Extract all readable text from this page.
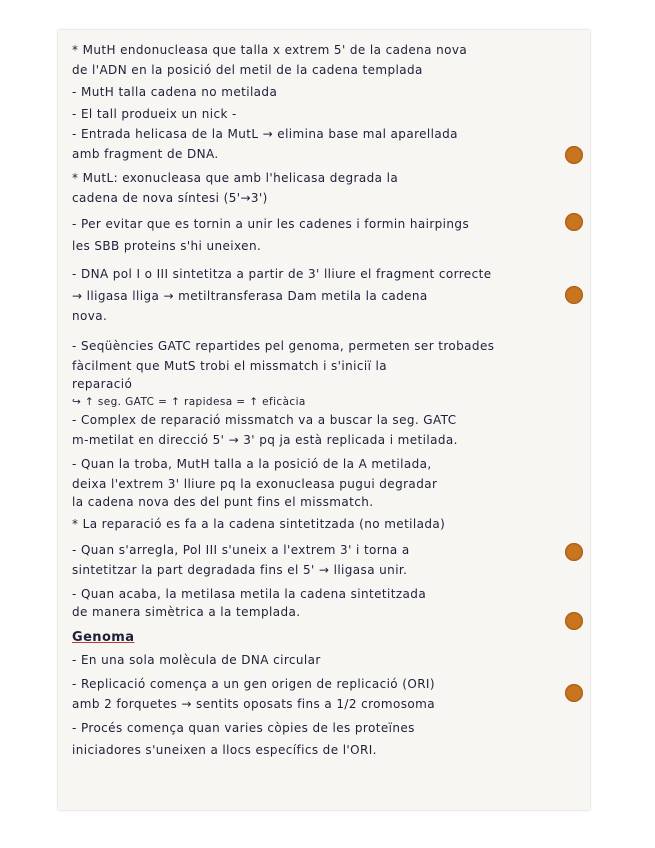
* MutH endonucleasa que talla x extrem 5' de la cadena nova
de l'ADN en la posició del metil de la cadena templada
- MutH talla cadena no metilada
- El tall produeix un nick -
- Entrada helicasa de la MutL → elimina base mal aparellada
amb fragment de DNA.
* MutL: exonucleasa que amb l'helicasa degrada la
cadena de nova síntesi (5'→3')
- Per evitar que es tornin a unir les cadenes i formin hairpings
les SBB proteins s'hi uneixen.
- DNA pol I o III sintetitza a partir de 3' lliure el fragment correcte
→ lligasa lliga → metiltransferasa Dam metila la cadena
nova.
- Seqüències GATC repartides pel genoma, permeten ser trobades
fàcilment que MutS trobi el missmatch i s'iniciï la
reparació
↪ ↑ seg. GATC = ↑ rapidesa = ↑ eficàcia
- Complex de reparació missmatch va a buscar la seg. GATC
m-metilat en direcció 5' → 3' pq ja està replicada i metilada.
- Quan la troba, MutH talla a la posició de la A metilada,
deixa l'extrem 3' lliure pq la exonucleasa pugui degradar
la cadena nova des del punt fins el missmatch.
* La reparació es fa a la cadena sintetitzada (no metilada)
- Quan s'arregla, Pol III s'uneix a l'extrem 3' i torna a
sintetitzar la part degradada fins el 5' → lligasa unir.
- Quan acaba, la metilasa metila la cadena sintetitzada
de manera simètrica a la templada.
Genoma
- En una sola molècula de DNA circular
- Replicació comença a un gen origen de replicació (ORI)
amb 2 forquetes → sentits oposats fins a 1/2 cromosoma
- Procés comença quan varies còpies de les proteïnes
iniciadores s'uneixen a llocs específics de l'ORI.
